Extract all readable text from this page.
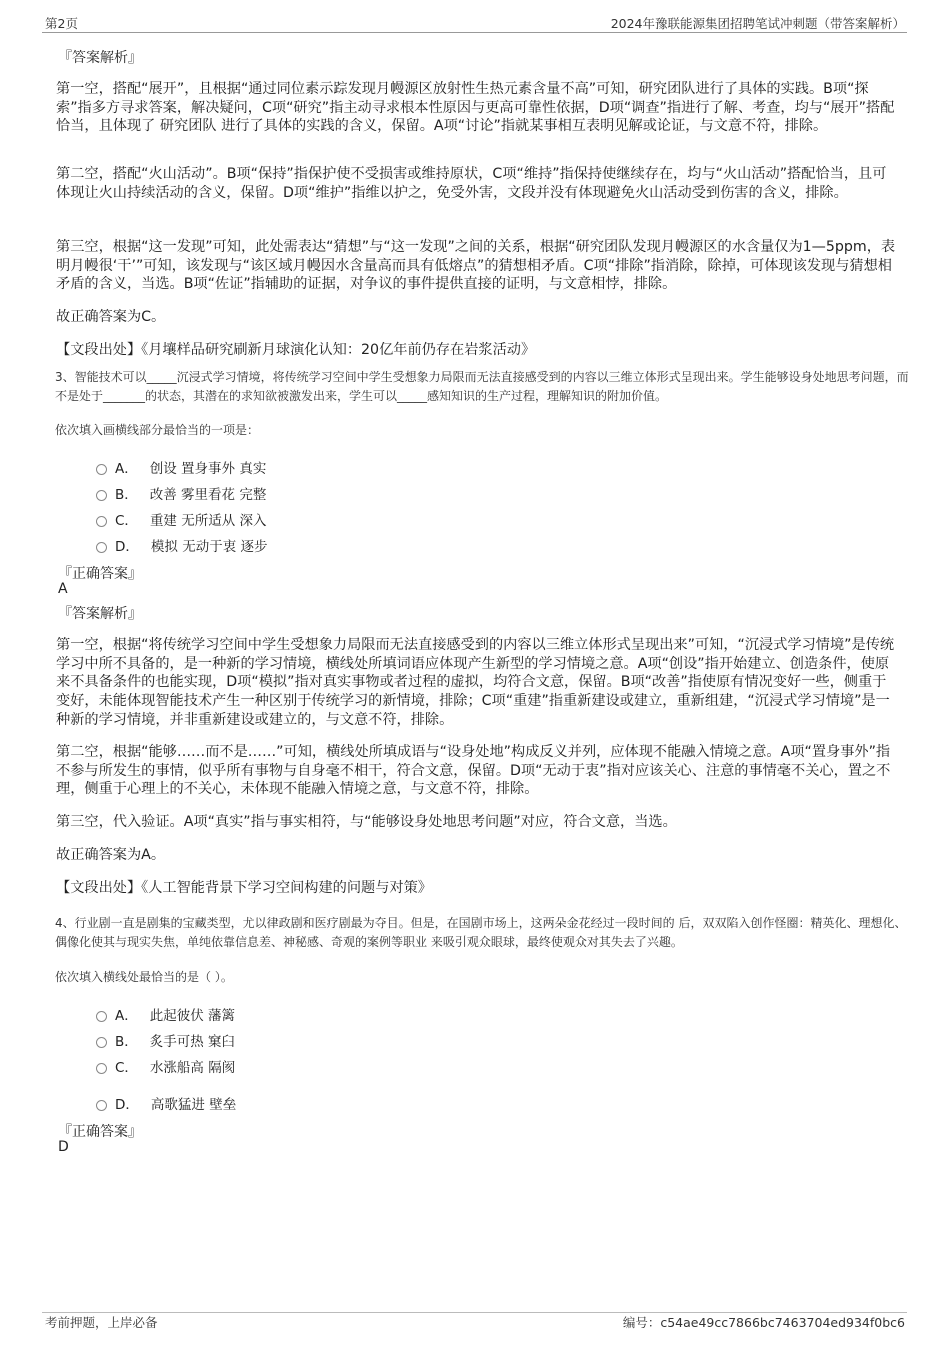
第2页	2024年豫联能源集团招聘笔试冲刺题（带答案解析）
『答案解析』
第一空，搭配“展开”，且根据“通过同位素示踪发现月幔源区放射性生热元素含量不高”可知，研究团队进行了具体的实践。B项“探索”指多方寻求答案，解决疑问，C项“研究”指主动寻求根本性原因与更高可靠性依据，D项“调查”指进行了解、考查，均与“展开”搭配恰当，且体现了 研究团队 进行了具体的实践的含义，保留。A项“讨论”指就某事相互表明见解或论证，与文意不符，排除。
第二空，搭配“火山活动”。B项“保持”指保护使不受损害或维持原状，C项“维持”指保持使继续存在，均与“火山活动”搭配恰当，且可体现让火山持续活动的含义，保留。D项“维护”指维以护之，免受外害，文段并没有体现避免火山活动受到伤害的含义，排除。
第三空，根据“这一发现”可知，此处需表达“猜想”与“这一发现”之间的关系，根据“研究团队发现月幔源区的水含量仅为1—5ppm，表明月幔很‘干’”可知，该发现与“该区域月幔因水含量高而具有低熔点”的猜想相矛盾。C项“排除”指消除，除掉，可体现该发现与猜想相矛盾的含义，当选。B项“佐证”指辅助的证据，对争议的事件提供直接的证明，与文意相悖，排除。
故正确答案为C。
【文段出处】《月壤样品研究刷新月球演化认知：20亿年前仍存在岩浆活动》
3、智能技术可以_____沉浸式学习情境，将传统学习空间中学生受想象力局限而无法直接感受到的内容以三维立体形式呈现出来。学生能够设身处地思考问题，而不是处于_______的状态，其潜在的求知欲被激发出来，学生可以_____感知知识的生产过程，理解知识的附加价值。
依次填入画横线部分最恰当的一项是：
A． 创设 置身事外 真实
B． 改善 雾里看花 完整
C． 重建 无所适从 深入
D． 模拟 无动于衷 逐步
『正确答案』
A
『答案解析』
第一空，根据“将传统学习空间中学生受想象力局限而无法直接感受到的内容以三维立体形式呈现出来”可知，“沉浸式学习情境”是传统学习中所不具备的，是一种新的学习情境，横线处所填词语应体现产生新型的学习情境之意。A项“创设”指开始建立、创造条件，使原来不具备条件的也能实现，D项“模拟”指对真实事物或者过程的虚拟，均符合文意，保留。B项“改善”指使原有情况变好一些，侧重于变好，未能体现智能技术产生一种区别于传统学习的新情境，排除；C项“重建”指重新建设或建立，重新组建，“沉浸式学习情境”是一种新的学习情境，并非重新建设或建立的，与文意不符，排除。
第二空，根据“能够……而不是……”可知，横线处所填成语与“设身处地”构成反义并列，应体现不能融入情境之意。A项“置身事外”指不参与所发生的事情，似乎所有事物与自身毫不相干，符合文意，保留。D项“无动于衷”指对应该关心、注意的事情毫不关心，置之不理，侧重于心理上的不关心，未体现不能融入情境之意，与文意不符，排除。
第三空，代入验证。A项“真实”指与事实相符，与“能够设身处地思考问题”对应，符合文意，当选。
故正确答案为A。
【文段出处】《人工智能背景下学习空间构建的问题与对策》
4、行业剧一直是剧集的宝藏类型，尤以律政剧和医疗剧最为夺目。但是，在国剧市场上，这两朵金花经过一段时间的 后，双双陷入创作怪圈：精英化、理想化、偶像化使其与现实失焦，单纯依靠信息差、神秘感、奇观的案例等职业 来吸引观众眼球，最终使观众对其失去了兴趣。
依次填入横线处最恰当的是（ ）。
A． 此起彼伏 藩篱
B． 炙手可热 窠臼
C． 水涨船高 隔阂
D． 高歌猛进 壁垒
『正确答案』
D
考前押题，上岸必备	编号：c54ae49cc7866bc7463704ed934f0bc6
